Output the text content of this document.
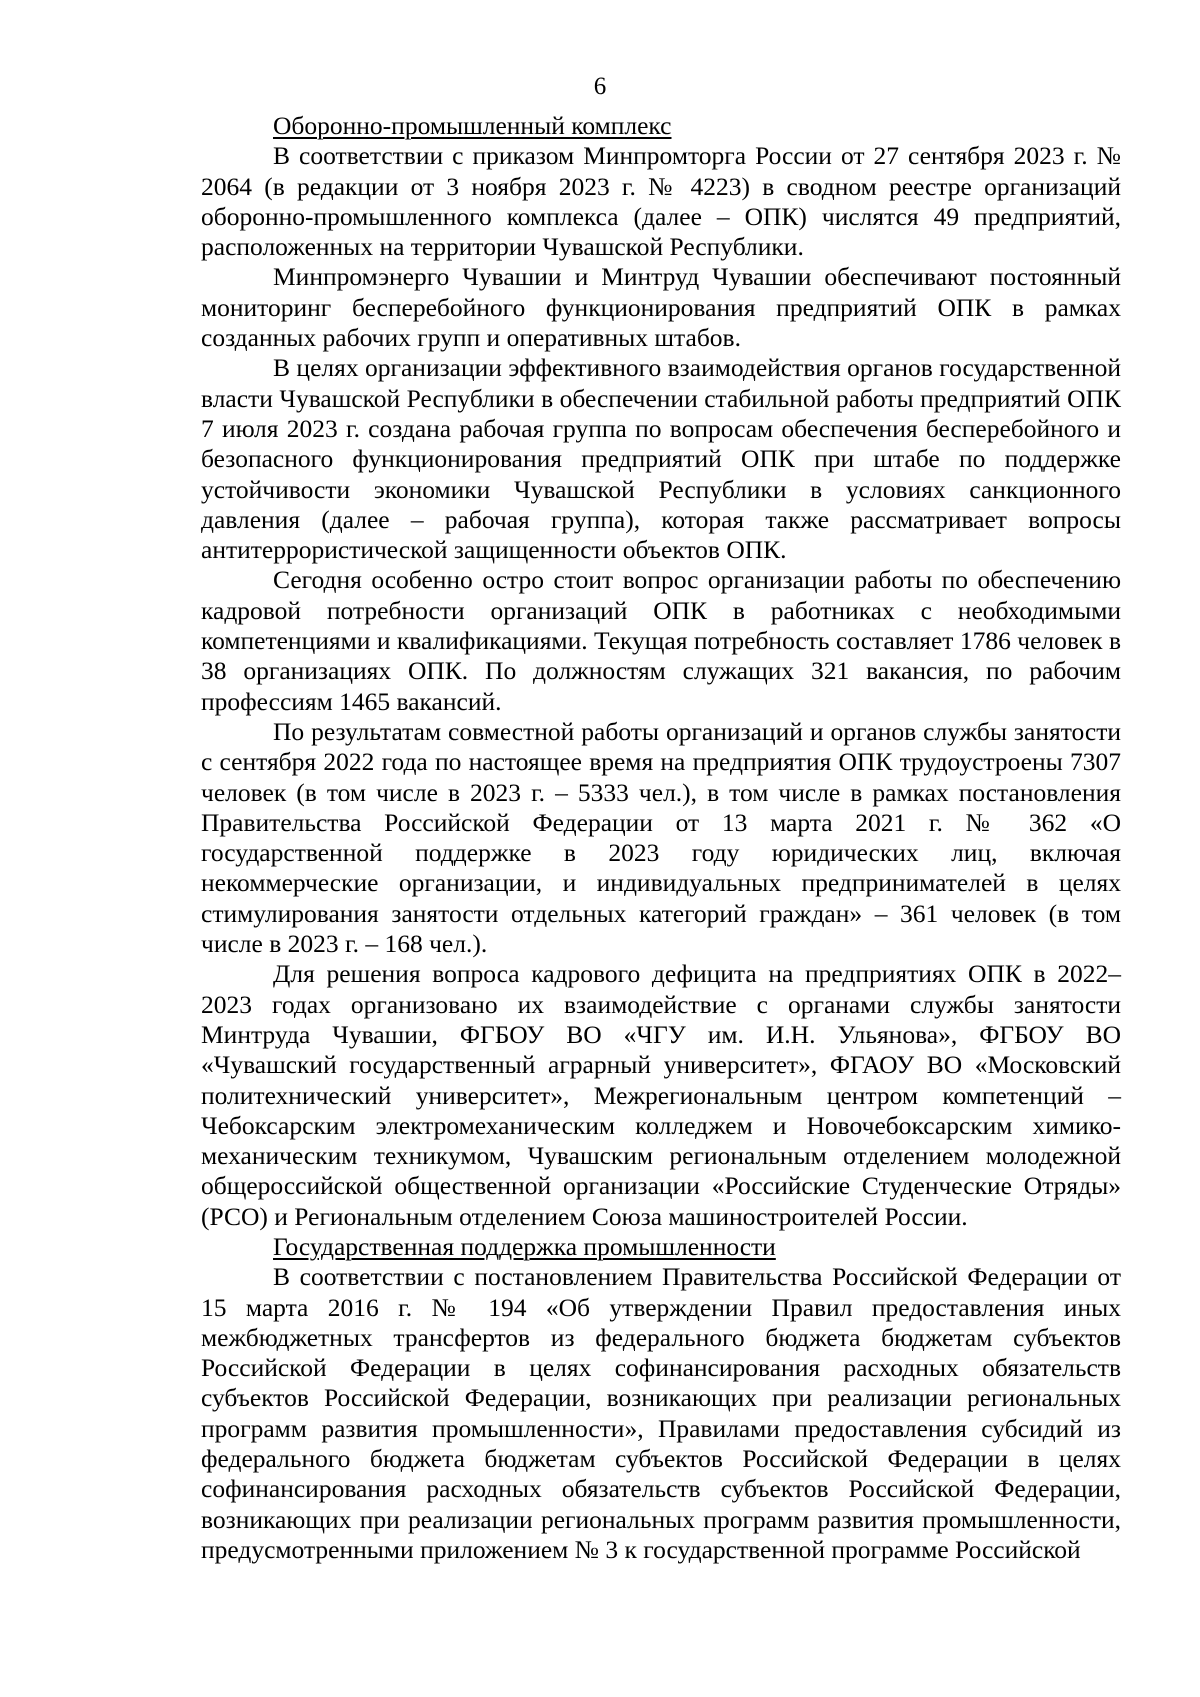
6

Оборонно-промышленный комплекс

В соответствии с приказом Минпромторга России от 27 сентября 2023 г. № 2064 (в редакции от 3 ноября 2023 г. № 4223) в сводном реестре организаций оборонно-промышленного комплекса (далее – ОПК) числятся 49 предприятий, расположенных на территории Чувашской Республики.

Минпромэнерго Чувашии и Минтруд Чувашии обеспечивают постоянный мониторинг бесперебойного функционирования предприятий ОПК в рамках созданных рабочих групп и оперативных штабов.

В целях организации эффективного взаимодействия органов государственной власти Чувашской Республики в обеспечении стабильной работы предприятий ОПК 7 июля 2023 г. создана рабочая группа по вопросам обеспечения бесперебойного и безопасного функционирования предприятий ОПК при штабе по поддержке устойчивости экономики Чувашской Республики в условиях санкционного давления (далее – рабочая группа), которая также рассматривает вопросы антитеррористической защищенности объектов ОПК.

Сегодня особенно остро стоит вопрос организации работы по обеспечению кадровой потребности организаций ОПК в работниках с необходимыми компетенциями и квалификациями. Текущая потребность составляет 1786 человек в 38 организациях ОПК. По должностям служащих 321 вакансия, по рабочим профессиям 1465 вакансий.

По результатам совместной работы организаций и органов службы занятости с сентября 2022 года по настоящее время на предприятия ОПК трудоустроены 7307 человек (в том числе в 2023 г. – 5333 чел.), в том числе в рамках постановления Правительства Российской Федерации от 13 марта 2021 г. № 362 «О государственной поддержке в 2023 году юридических лиц, включая некоммерческие организации, и индивидуальных предпринимателей в целях стимулирования занятости отдельных категорий граждан» – 361 человек (в том числе в 2023 г. – 168 чел.).

Для решения вопроса кадрового дефицита на предприятиях ОПК в 2022–2023 годах организовано их взаимодействие с органами службы занятости Минтруда Чувашии, ФГБОУ ВО «ЧГУ им. И.Н. Ульянова», ФГБОУ ВО «Чувашский государственный аграрный университет», ФГАОУ ВО «Московский политехнический университет», Межрегиональным центром компетенций – Чебоксарским электромеханическим колледжем и Новочебоксарским химико-механическим техникумом, Чувашским региональным отделением молодежной общероссийской общественной организации «Российские Студенческие Отряды» (РСО) и Региональным отделением Союза машиностроителей России.

Государственная поддержка промышленности

В соответствии с постановлением Правительства Российской Федерации от 15 марта 2016 г. № 194 «Об утверждении Правил предоставления иных межбюджетных трансфертов из федерального бюджета бюджетам субъектов Российской Федерации в целях софинансирования расходных обязательств субъектов Российской Федерации, возникающих при реализации региональных программ развития промышленности», Правилами предоставления субсидий из федерального бюджета бюджетам субъектов Российской Федерации в целях софинансирования расходных обязательств субъектов Российской Федерации, возникающих при реализации региональных программ развития промышленности, предусмотренными приложением № 3 к государственной программе Российской
